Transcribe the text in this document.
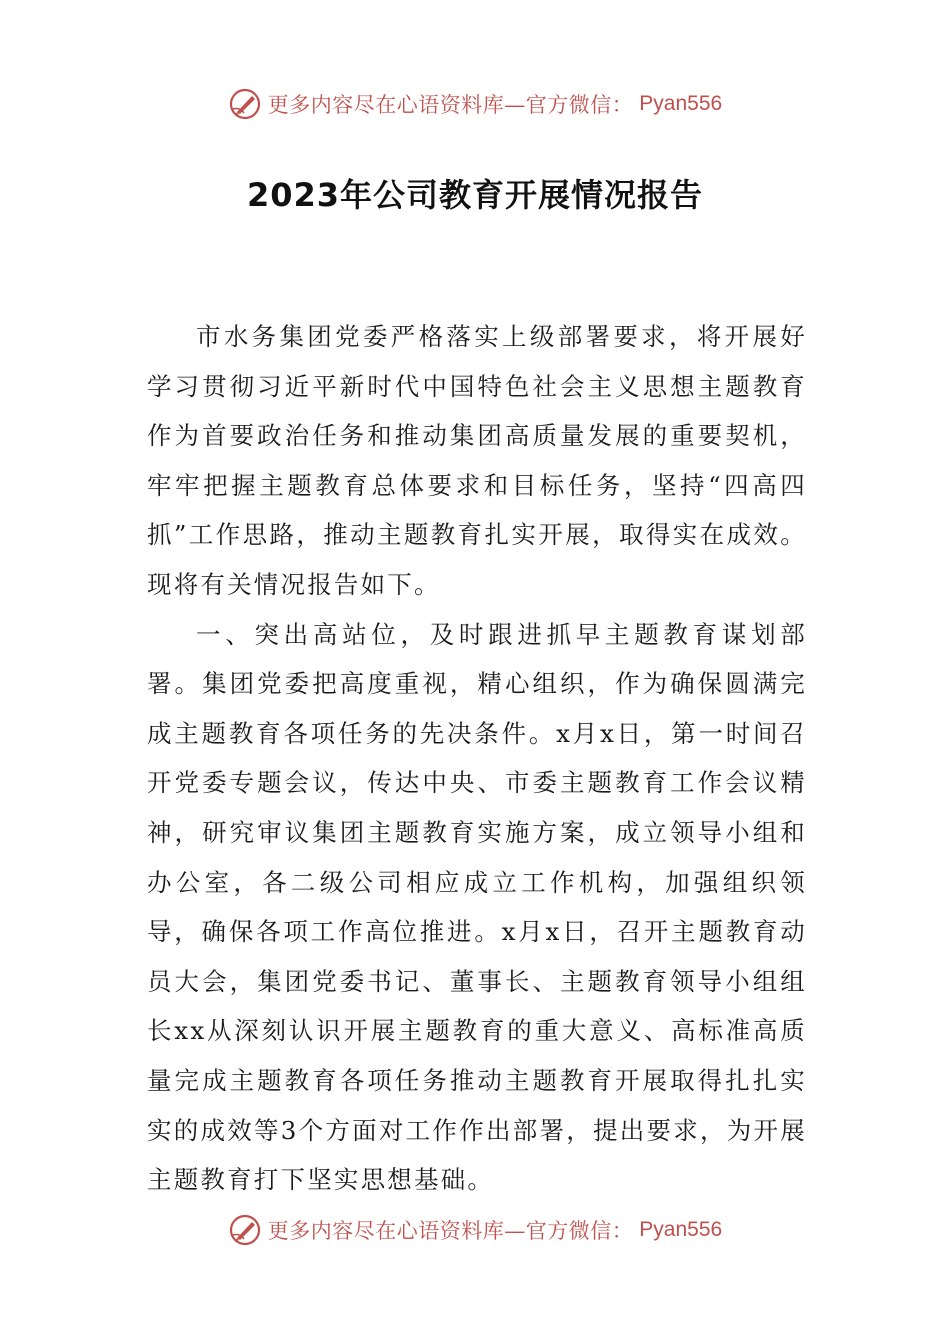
更多内容尽在心语资料库—官方微信： Pyan556
2023年公司教育开展情况报告

市水务集团党委严格落实上级部署要求，将开展好学习贯彻习近平新时代中国特色社会主义思想主题教育作为首要政治任务和推动集团高质量发展的重要契机，牢牢把握主题教育总体要求和目标任务，坚持“四高四抓”工作思路，推动主题教育扎实开展，取得实在成效。现将有关情况报告如下。

一、突出高站位，及时跟进抓早主题教育谋划部署。集团党委把高度重视，精心组织，作为确保圆满完成主题教育各项任务的先决条件。x月x日，第一时间召开党委专题会议，传达中央、市委主题教育工作会议精神，研究审议集团主题教育实施方案，成立领导小组和办公室，各二级公司相应成立工作机构，加强组织领导，确保各项工作高位推进。x月x日，召开主题教育动员大会，集团党委书记、董事长、主题教育领导小组组长xx从深刻认识开展主题教育的重大意义、高标准高质量完成主题教育各项任务推动主题教育开展取得扎扎实实的成效等3个方面对工作作出部署，提出要求，为开展主题教育打下坚实思想基础。

更多内容尽在心语资料库—官方微信： Pyan556
